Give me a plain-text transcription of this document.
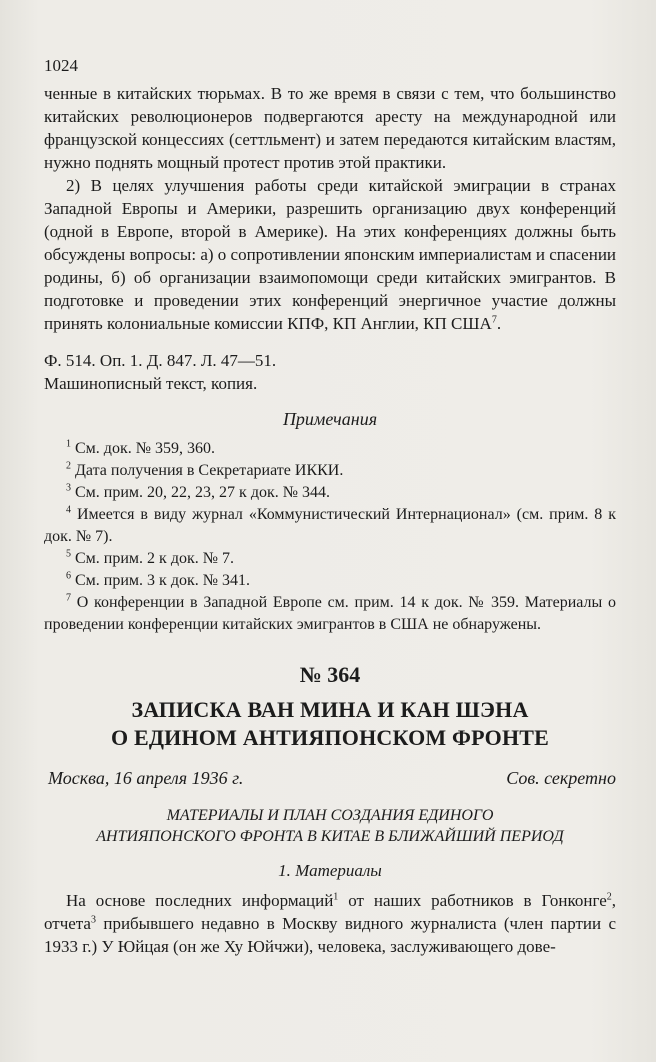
1024

ченные в китайских тюрьмах. В то же время в связи с тем, что большинство китайских революционеров подвергаются аресту на международной или французской концессиях (сеттльмент) и затем передаются китайским властям, нужно поднять мощный протест против этой практики.

2) В целях улучшения работы среди китайской эмиграции в странах Западной Европы и Америки, разрешить организацию двух конференций (одной в Европе, второй в Америке). На этих конференциях должны быть обсуждены вопросы: а) о сопротивлении японским империалистам и спасении родины, б) об организации взаимопомощи среди китайских эмигрантов. В подготовке и проведении этих конференций энергичное участие должны принять колониальные комиссии КПФ, КП Англии, КП США$^7$.

Ф. 514. Оп. 1. Д. 847. Л. 47—51.
Машинописный текст, копия.
Примечания
$^1$ См. док. № 359, 360.
$^2$ Дата получения в Секретариате ИККИ.
$^3$ См. прим. 20, 22, 23, 27 к док. № 344.
$^4$ Имеется в виду журнал «Коммунистический Интернационал» (см. прим. 8 к док. № 7).
$^5$ См. прим. 2 к док. № 7.
$^6$ См. прим. 3 к док. № 341.
$^7$ О конференции в Западной Европе см. прим. 14 к док. № 359. Материалы о проведении конференции китайских эмигрантов в США не обнаружены.
№ 364
ЗАПИСКА ВАН МИНА И КАН ШЭНА
О ЕДИНОМ АНТИЯПОНСКОМ ФРОНТЕ
Москва, 16 апреля 1936 г.	Сов. секретно
МАТЕРИАЛЫ И ПЛАН СОЗДАНИЯ ЕДИНОГО
АНТИЯПОНСКОГО ФРОНТА В КИТАЕ В БЛИЖАЙШИЙ ПЕРИОД
1. Материалы

На основе последних информаций$^1$ от наших работников в Гонконге$^2$, отчета$^3$ прибывшего недавно в Москву видного журналиста (член партии с 1933 г.) У Юйцая (он же Ху Юйчжи), человека, заслуживающего дове-
